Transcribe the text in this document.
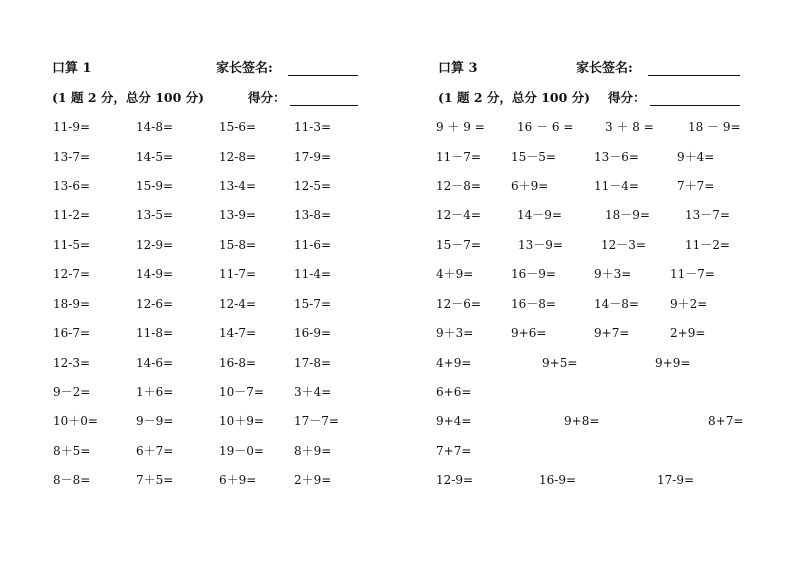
口算 1	家长签名:
(1 题 2 分，总分 100 分)	得分：
11-9=	14-8=	15-6=	11-3=
13-7=	14-5=	12-8=	17-9=
13-6=	15-9=	13-4=	12-5=
11-2=	13-5=	13-9=	13-8=
11-5=	12-9=	15-8=	11-6=
12-7=	14-9=	11-7=	11-4=
18-9=	12-6=	12-4=	15-7=
16-7=	11-8=	14-7=	16-9=
12-3=	14-6=	16-8=	17-8=
9－2=	1＋6=	10－7=	3＋4=
10＋0=	9－9=	10＋9=	17－7=
8＋5=	6＋7=	19－0=	8＋9=
8－8=	7＋5=	6＋9=	2＋9=
口算 3	家长签名:
(1 题 2 分，总分 100 分) 得分：
9 ＋ 9 =	16 － 6 =	3 ＋ 8 =	18 － 9=
11－7=	15－5=	13－6=	9＋4=
12－8=	6＋9=	11－4=	7＋7=
12－4=	14－9=	18－9=	13－7=
15－7=	13－9=	12－3=	11－2=
4＋9=	16－9=	9＋3=	11－7=
12－6=	16－8=	14－8=	9＋2=
9＋3=	9+6=	9+7=	2+9=
4+9=	9+5=	9+9=
6+6=
9+4=	9+8=	8+7=
7+7=
12-9=	16-9=	17-9=
